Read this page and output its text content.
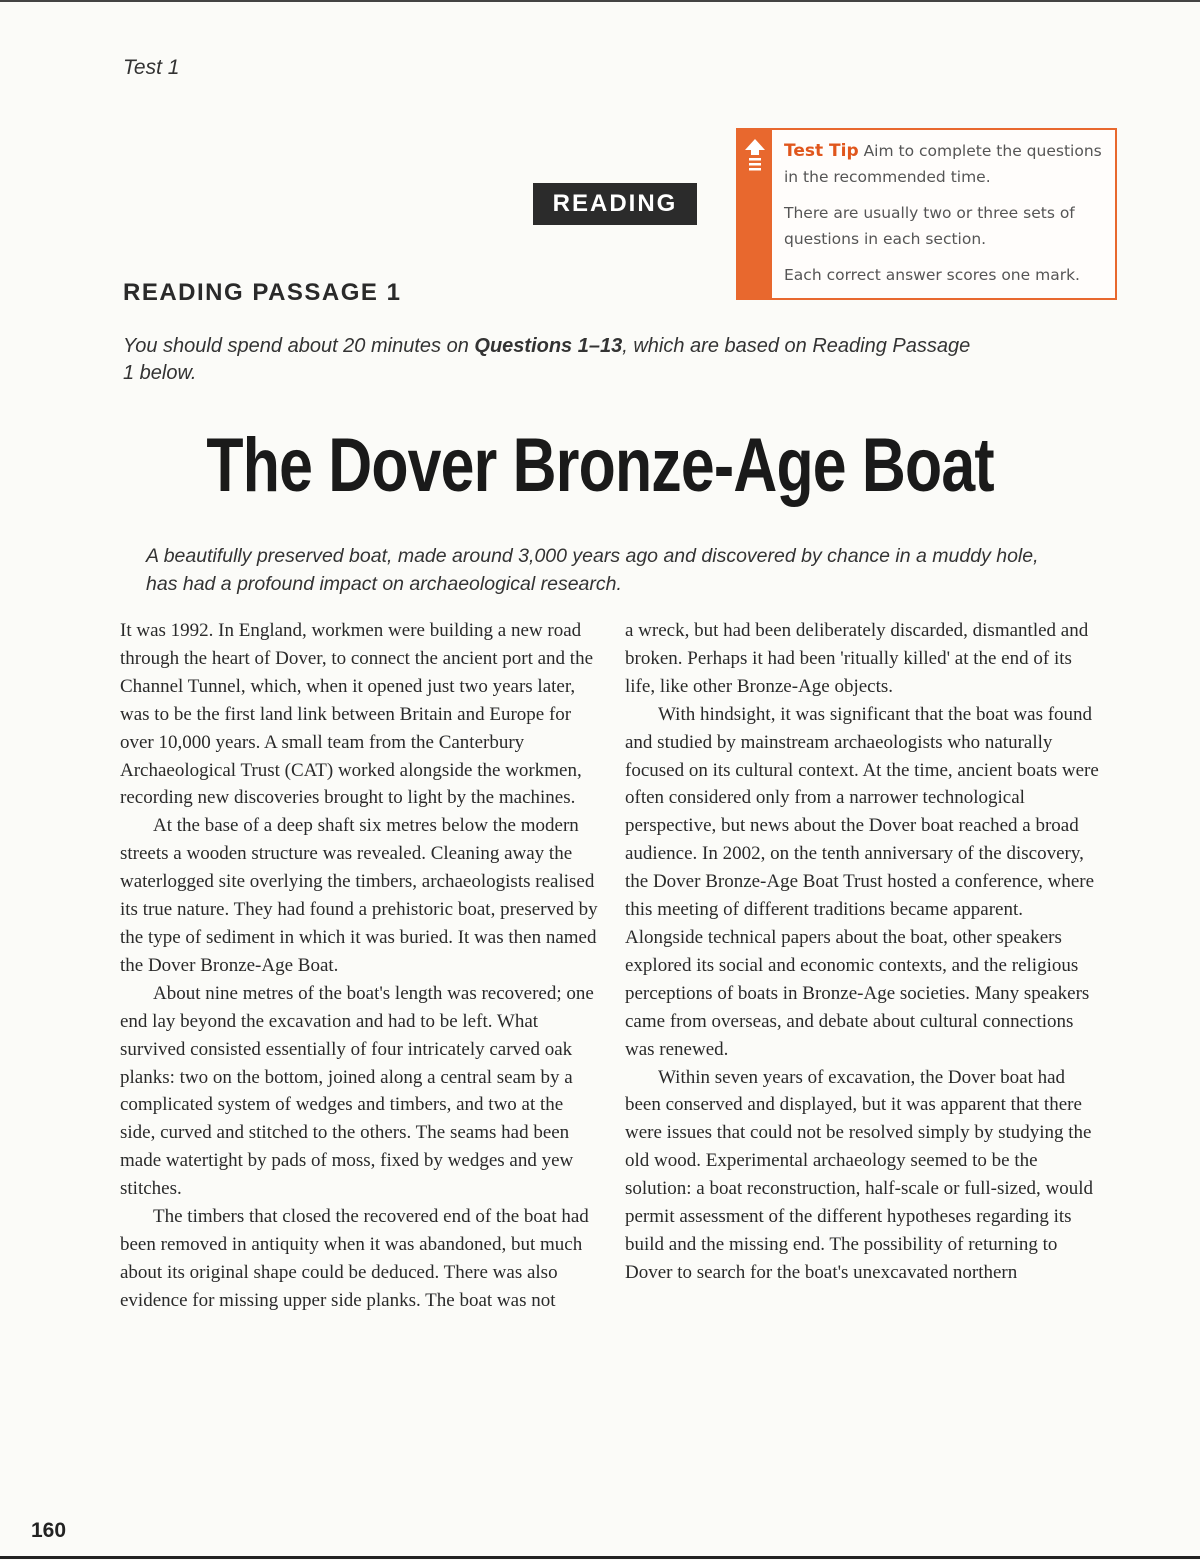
Test 1
READING

Test Tip Aim to complete the questions in the recommended time.

There are usually two or three sets of questions in each section.

Each correct answer scores one mark.

READING PASSAGE 1
You should spend about 20 minutes on Questions 1–13, which are based on Reading Passage 1 below.
The Dover Bronze-Age Boat
A beautifully preserved boat, made around 3,000 years ago and discovered by chance in a muddy hole, has had a profound impact on archaeological research.

It was 1992. In England, workmen were building a new road through the heart of Dover, to connect the ancient port and the Channel Tunnel, which, when it opened just two years later, was to be the first land link between Britain and Europe for over 10,000 years. A small team from the Canterbury Archaeological Trust (CAT) worked alongside the workmen, recording new discoveries brought to light by the machines.

At the base of a deep shaft six metres below the modern streets a wooden structure was revealed. Cleaning away the waterlogged site overlying the timbers, archaeologists realised its true nature. They had found a prehistoric boat, preserved by the type of sediment in which it was buried. It was then named the Dover Bronze-Age Boat.

About nine metres of the boat's length was recovered; one end lay beyond the excavation and had to be left. What survived consisted essentially of four intricately carved oak planks: two on the bottom, joined along a central seam by a complicated system of wedges and timbers, and two at the side, curved and stitched to the others. The seams had been made watertight by pads of moss, fixed by wedges and yew stitches.

The timbers that closed the recovered end of the boat had been removed in antiquity when it was abandoned, but much about its original shape could be deduced. There was also evidence for missing upper side planks. The boat was not

a wreck, but had been deliberately discarded, dismantled and broken. Perhaps it had been 'ritually killed' at the end of its life, like other Bronze-Age objects.

With hindsight, it was significant that the boat was found and studied by mainstream archaeologists who naturally focused on its cultural context. At the time, ancient boats were often considered only from a narrower technological perspective, but news about the Dover boat reached a broad audience. In 2002, on the tenth anniversary of the discovery, the Dover Bronze-Age Boat Trust hosted a conference, where this meeting of different traditions became apparent. Alongside technical papers about the boat, other speakers explored its social and economic contexts, and the religious perceptions of boats in Bronze-Age societies. Many speakers came from overseas, and debate about cultural connections was renewed.

Within seven years of excavation, the Dover boat had been conserved and displayed, but it was apparent that there were issues that could not be resolved simply by studying the old wood. Experimental archaeology seemed to be the solution: a boat reconstruction, half-scale or full-sized, would permit assessment of the different hypotheses regarding its build and the missing end. The possibility of returning to Dover to search for the boat's unexcavated northern

160
